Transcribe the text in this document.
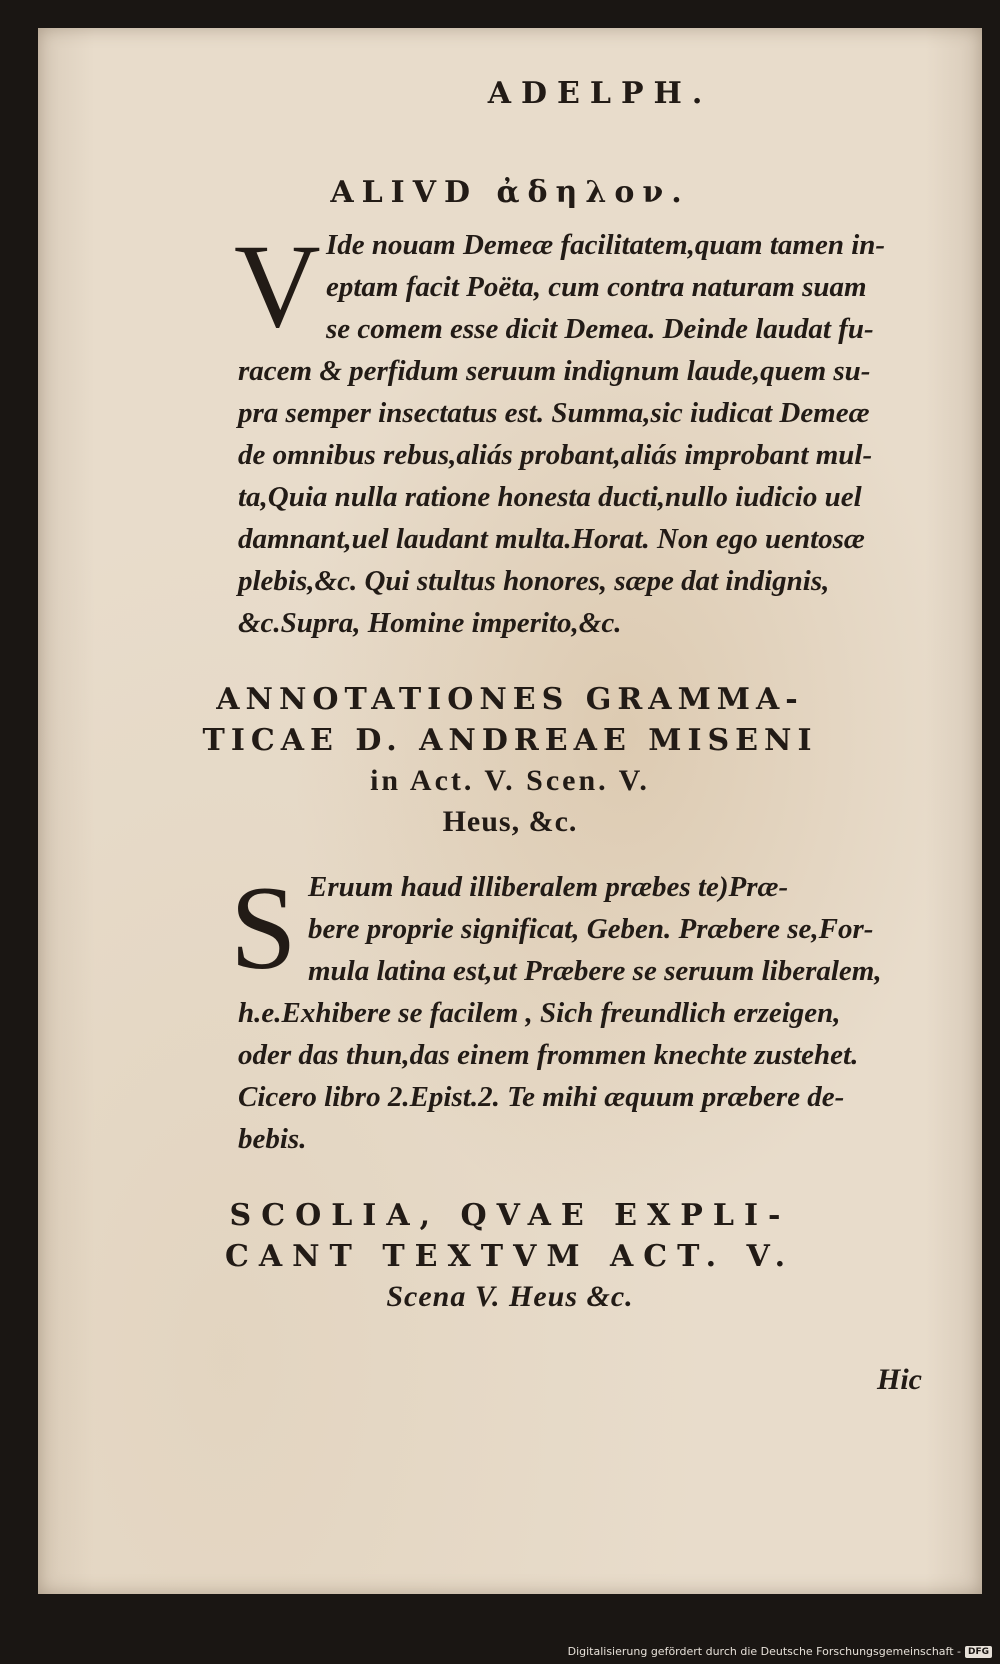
ADELPH.
ALIVD ἀδηλον.
V Ide nouam Demeæ facilitatem,quam tamen in-
eptam facit Poëta, cum contra naturam suam
se comem esse dicit Demea. Deinde laudat fu-
racem & perfidum seruum indignum laude,quem su-
pra semper insectatus est. Summa,sic iudicat Demeæ
de omnibus rebus,aliás probant,aliás improbant mul-
ta,Quia nulla ratione honesta ducti,nullo iudicio uel
damnant,uel laudant multa.Horat. Non ego uentosæ
plebis,&c. Qui stultus honores, sæpe dat indignis,
&c.Supra, Homine imperito,&c.
ANNOTATIONES GRAMMA-
TICAE D. ANDREAE MISENI
in Act. V. Scen. V.
Heus, &c.
S Eruum haud illiberalem præbes te)Præ-
bere proprie significat, Geben. Præbere se,For-
mula latina est,ut Præbere se seruum liberalem,
h.e.Exhibere se facilem , Sich freundlich erzeigen,
oder das thun,das einem frommen knechte zustehet.
Cicero libro 2.Epist.2. Te mihi æquum præbere de-
bebis.
SCOLIA, QVAE EXPLI-
CANT TEXTVM ACT. V.
Scena V. Heus &c.
Hic
Digitalisierung gefördert durch die Deutsche Forschungsgemeinschaft - DFG
